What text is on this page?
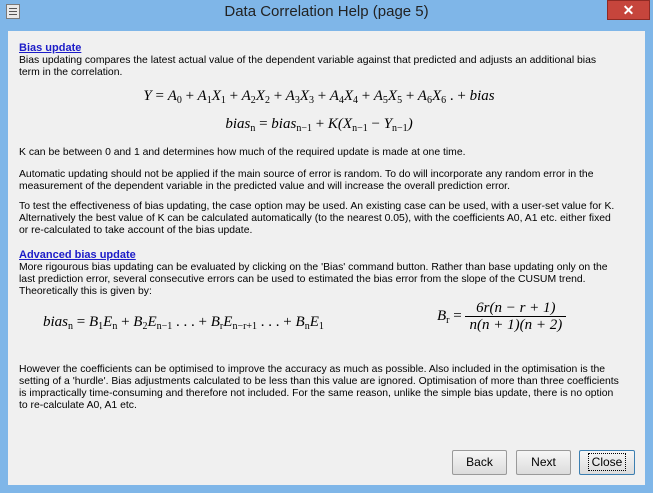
Data Correlation Help (page 5)	✕
Bias update

Bias updating compares the latest actual value of the dependent variable against that predicted and adjusts an additional bias term in the correlation.

$Y = A_0 + A_1X_1 + A_2X_2 + A_3X_3 + A_4X_4 + A_5X_5 + A_6X_6$ . + bias
bias$_n$ = bias$_{n-1}$ + $K(X_{n-1} - Y_{n-1})$

K can be between 0 and 1 and determines how much of the required update is made at one time.

Automatic updating should not be applied if the main source of error is random. To do will incorporate any random error in the measurement of the dependent variable in the predicted value and will increase the overall prediction error.

To test the effectiveness of bias updating, the case option may be used. An existing case can be used, with a user-set value for K. Alternatively the best value of K can be calculated automatically (to the nearest 0.05), with the coefficients A0, A1 etc. either fixed or re-calculated to take account of the bias update.

Advanced bias update

More rigourous bias updating can be evaluated by clicking on the 'Bias' command button. Rather than base updating only on the last prediction error, several consecutive errors can be used to estimated the bias error from the slope of the CUSUM trend. Theoretically this is given by:

bias$_n$ = $B_1E_n + B_2E_{n-1}$ . . . + $B_rE_{n-r+1}$ . . . + $B_nE_1$
$B_r = \frac{6r(n - r + 1)}{n(n + 1)(n + 2)}$

However the coefficients can be optimised to improve the accuracy as much as possible. Also included in the optimisation is the setting of a 'hurdle'. Bias adjustments calculated to be less than this value are ignored. Optimisation of more than three coefficients is impractically time-consuming and therefore not included. For the same reason, unlike the simple bias update, there is no option to re-calculate A0, A1 etc.

Back	Next	Close
